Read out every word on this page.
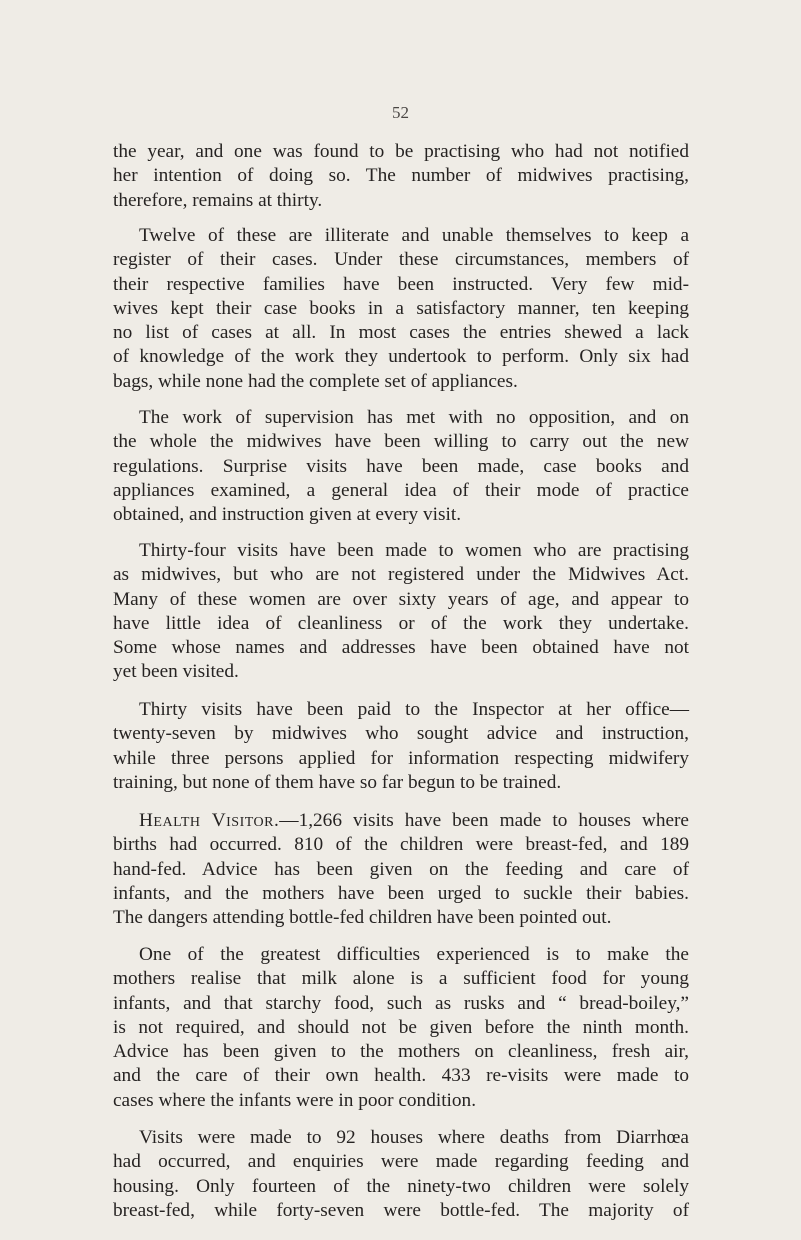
52
the year, and one was found to be practising who had not notified
her intention of doing so. The number of midwives practising,
therefore, remains at thirty.
Twelve of these are illiterate and unable themselves to keep a
register of their cases. Under these circumstances, members of
their respective families have been instructed. Very few mid-
wives kept their case books in a satisfactory manner, ten keeping
no list of cases at all. In most cases the entries shewed a lack
of knowledge of the work they undertook to perform. Only six had
bags, while none had the complete set of appliances.
The work of supervision has met with no opposition, and on
the whole the midwives have been willing to carry out the new
regulations. Surprise visits have been made, case books and
appliances examined, a general idea of their mode of practice
obtained, and instruction given at every visit.
Thirty-four visits have been made to women who are practising
as midwives, but who are not registered under the Midwives Act.
Many of these women are over sixty years of age, and appear to
have little idea of cleanliness or of the work they undertake.
Some whose names and addresses have been obtained have not
yet been visited.
Thirty visits have been paid to the Inspector at her office—
twenty-seven by midwives who sought advice and instruction,
while three persons applied for information respecting midwifery
training, but none of them have so far begun to be trained.
Health Visitor.—1,266 visits have been made to houses where
births had occurred. 810 of the children were breast-fed, and 189
hand-fed. Advice has been given on the feeding and care of
infants, and the mothers have been urged to suckle their babies.
The dangers attending bottle-fed children have been pointed out.
One of the greatest difficulties experienced is to make the
mothers realise that milk alone is a sufficient food for young
infants, and that starchy food, such as rusks and “ bread-boiley,”
is not required, and should not be given before the ninth month.
Advice has been given to the mothers on cleanliness, fresh air,
and the care of their own health. 433 re-visits were made to
cases where the infants were in poor condition.
Visits were made to 92 houses where deaths from Diarrhœa
had occurred, and enquiries were made regarding feeding and
housing. Only fourteen of the ninety-two children were solely
breast-fed, while forty-seven were bottle-fed. The majority of
